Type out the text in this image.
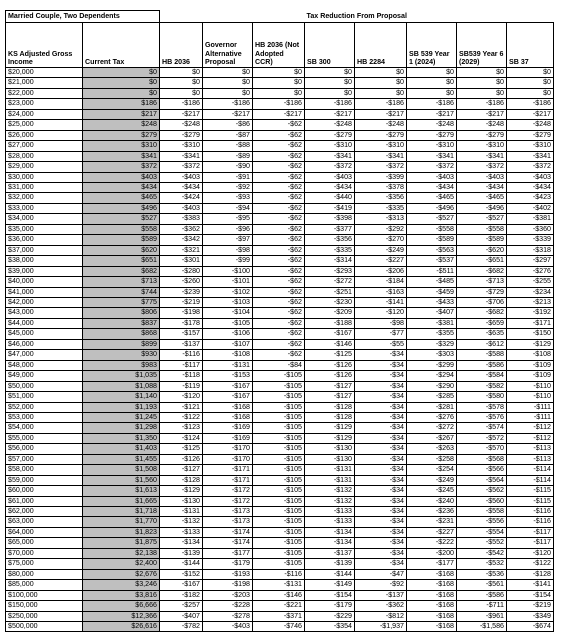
Married Couple, Two Dependents		Tax Reduction From Proposal							
KS Adjusted Gross Income	Current Tax	HB 2036	Governor Alternative Proposal	HB 2036 (Not Adopted CCR)	SB 300	HB 2284	SB 539 Year 1 (2024)	SB539 Year 6 (2029)	SB 37
$20,000	$0	$0	$0	$0	$0	$0	$0	$0	$0
$21,000	$0	$0	$0	$0	$0	$0	$0	$0	$0
$22,000	$0	$0	$0	$0	$0	$0	$0	$0	$0
$23,000	$186	-$186	-$186	-$186	-$186	-$186	-$186	-$186	-$186
$24,000	$217	-$217	-$217	-$217	-$217	-$217	-$217	-$217	-$217
$25,000	$248	-$248	-$86	-$62	-$248	-$248	-$248	-$248	-$248
$26,000	$279	-$279	-$87	-$62	-$279	-$279	-$279	-$279	-$279
$27,000	$310	-$310	-$88	-$62	-$310	-$310	-$310	-$310	-$310
$28,000	$341	-$341	-$89	-$62	-$341	-$341	-$341	-$341	-$341
$29,000	$372	-$372	-$90	-$62	-$372	-$372	-$372	-$372	-$372
$30,000	$403	-$403	-$91	-$62	-$403	-$399	-$403	-$403	-$403
$31,000	$434	-$434	-$92	-$62	-$434	-$378	-$434	-$434	-$434
$32,000	$465	-$424	-$93	-$62	-$440	-$356	-$465	-$465	-$423
$33,000	$496	-$403	-$94	-$62	-$419	-$335	-$496	-$496	-$402
$34,000	$527	-$383	-$95	-$62	-$398	-$313	-$527	-$527	-$381
$35,000	$558	-$362	-$96	-$62	-$377	-$292	-$558	-$558	-$360
$36,000	$589	-$342	-$97	-$62	-$356	-$270	-$589	-$589	-$339
$37,000	$620	-$321	-$98	-$62	-$335	-$249	-$563	-$620	-$318
$38,000	$651	-$301	-$99	-$62	-$314	-$227	-$537	-$651	-$297
$39,000	$682	-$280	-$100	-$62	-$293	-$206	-$511	-$682	-$276
$40,000	$713	-$260	-$101	-$62	-$272	-$184	-$485	-$713	-$255
$41,000	$744	-$239	-$102	-$62	-$251	-$163	-$459	-$729	-$234
$42,000	$775	-$219	-$103	-$62	-$230	-$141	-$433	-$706	-$213
$43,000	$806	-$198	-$104	-$62	-$209	-$120	-$407	-$682	-$192
$44,000	$837	-$178	-$105	-$62	-$188	-$98	-$381	-$659	-$171
$45,000	$868	-$157	-$106	-$62	-$167	-$77	-$355	-$635	-$150
$46,000	$899	-$137	-$107	-$62	-$146	-$55	-$329	-$612	-$129
$47,000	$930	-$116	-$108	-$62	-$125	-$34	-$303	-$588	-$108
$48,000	$983	-$117	-$131	-$84	-$126	-$34	-$299	-$586	-$109
$49,000	$1,035	-$118	-$153	-$105	-$126	-$34	-$294	-$584	-$109
$50,000	$1,088	-$119	-$167	-$105	-$127	-$34	-$290	-$582	-$110
$51,000	$1,140	-$120	-$167	-$105	-$127	-$34	-$285	-$580	-$110
$52,000	$1,193	-$121	-$168	-$105	-$128	-$34	-$281	-$578	-$111
$53,000	$1,245	-$122	-$168	-$105	-$128	-$34	-$276	-$576	-$111
$54,000	$1,298	-$123	-$169	-$105	-$129	-$34	-$272	-$574	-$112
$55,000	$1,350	-$124	-$169	-$105	-$129	-$34	-$267	-$572	-$112
$56,000	$1,403	-$125	-$170	-$105	-$130	-$34	-$263	-$570	-$113
$57,000	$1,455	-$126	-$170	-$105	-$130	-$34	-$258	-$568	-$113
$58,000	$1,508	-$127	-$171	-$105	-$131	-$34	-$254	-$566	-$114
$59,000	$1,560	-$128	-$171	-$105	-$131	-$34	-$249	-$564	-$114
$60,000	$1,613	-$129	-$172	-$105	-$132	-$34	-$245	-$562	-$115
$61,000	$1,665	-$130	-$172	-$105	-$132	-$34	-$240	-$560	-$115
$62,000	$1,718	-$131	-$173	-$105	-$133	-$34	-$236	-$558	-$116
$63,000	$1,770	-$132	-$173	-$105	-$133	-$34	-$231	-$556	-$116
$64,000	$1,823	-$133	-$174	-$105	-$134	-$34	-$227	-$554	-$117
$65,000	$1,875	-$134	-$174	-$105	-$134	-$34	-$222	-$552	-$117
$70,000	$2,138	-$139	-$177	-$105	-$137	-$34	-$200	-$542	-$120
$75,000	$2,400	-$144	-$179	-$105	-$139	-$34	-$177	-$532	-$122
$80,000	$2,676	-$152	-$193	-$116	-$144	-$47	-$168	-$536	-$128
$85,000	$3,246	-$167	-$198	-$131	-$149	-$92	-$168	-$561	-$141
$100,000	$3,816	-$182	-$203	-$146	-$154	-$137	-$168	-$586	-$154
$150,000	$6,666	-$257	-$228	-$221	-$179	-$362	-$168	-$711	-$219
$250,000	$12,366	-$407	-$278	-$371	-$229	-$812	-$168	-$961	-$349
$500,000	$26,616	-$782	-$403	-$746	-$354	-$1,937	-$168	-$1,586	-$674
